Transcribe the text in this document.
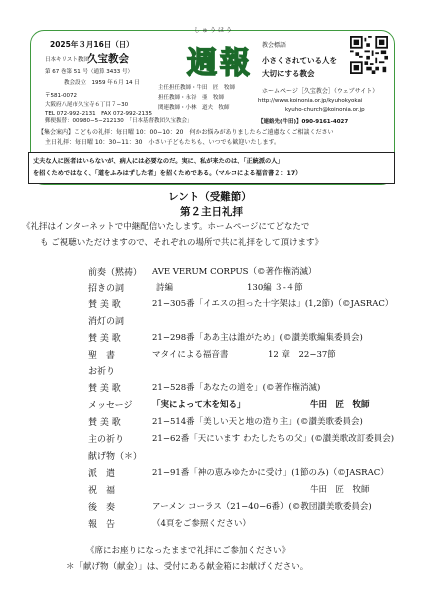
2025年３月16日（日）
日本キリスト教団
久宝教会
第 67 巻第 51 号（通算 3433 号）
教会設立　1959 年６月 14 日
〒581-0072
大阪府八尾市久宝寺６丁目７−30
TEL 072-992-2131　FAX 072-992-2135
しゅうほう
週報
主任担任教師・牛田　匠　牧師
担任教師・永谷　亜　牧師
関連教師・小林　道夫　牧師
教会標語
小さくされている人を
大切にする教会
ホームページ［久宝教会］（ウェブサイト）
http://www.koinonia.or.jp/kyuhokyokai
kyuho-church@koinonia.or.jp
【連絡先(牛田)】090-9161-4027
郵便振替：00980−5−212130　「日本基督教団久宝教会」
【集会案内】こどもの礼拝：毎日曜 10：00−10：20　何かお悩みがありましたらご遠慮なくご相談ください
主日礼拝：毎日曜 10：30−11：30　小さい子どもたちも、いつでも歓迎いたします。
丈夫な人に医者はいらないが、病人には必要なのだ。実に、私が来たのは、「正統派の人」
を招くためではなく、「道をふみはずした者」を招くためである。（マルコによる福音書２：17）
レント（受難節）
第２主日礼拝
《礼拝はインターネットで中継配信いたします。ホームページにてどなたで
も ご視聴いただけますので、それぞれの場所で共に礼拝をして頂けます》
前奏（黙祷） AVE VERUM CORPUS（©著作権消滅）
招きの詞	詩編	130編 ３-４節
賛 美 歌	21−305番「イエスの担った十字架は」(1,2節)（©JASRAC）
消灯の詞
賛 美 歌	21−298番「ああ主は誰がため」(©讃美歌編集委員会)
聖　書	マタイによる福音書	12 章　22−37節
お祈り
賛 美 歌	21−528番「あなたの道を」(©著作権消滅)
メッセージ 「実によって木を知る」	牛田　匠　牧師
賛 美 歌	21−514番「美しい天と地の造り主」(©讃美歌委員会)
主の祈り	21−62番「天にいます わたしたちの父」(©讃美歌改訂委員会)
献げ物（＊）
派　遣	21−91番「神の恵みゆたかに受け」(1節のみ)（©JASRAC）
祝　福	牛田　匠　牧師
後　奏	アーメン コーラス（21−40−6番）(©教団讃美歌委員会)
報　告	（4頁をご参照ください）
《席にお座りになったままで礼拝にご参加ください》
＊「献げ物（献金）」は、受付にある献金箱にお献げください。
